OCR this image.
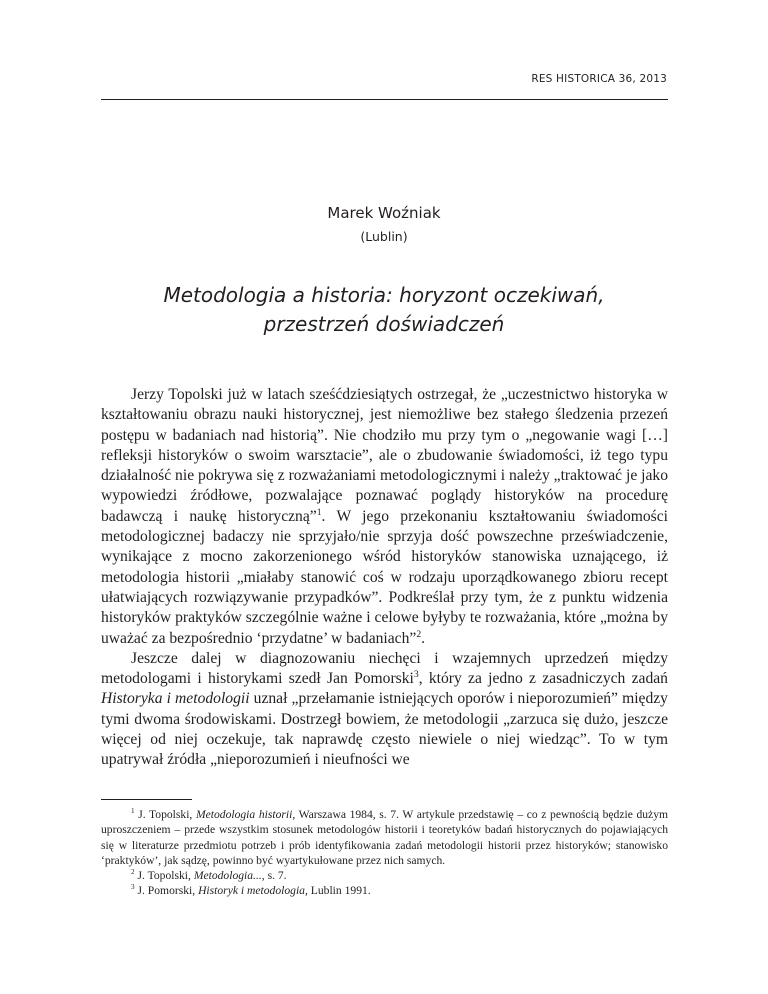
RES HISTORICA 36, 2013
Marek Woźniak
(Lublin)
Metodologia a historia: horyzont oczekiwań,
przestrzeń doświadczeń

Jerzy Topolski już w latach sześćdziesiątych ostrzegał, że „uczestnictwo historyka w kształtowaniu obrazu nauki historycznej, jest niemożliwe bez stałego śledzenia przezeń postępu w badaniach nad historią”. Nie chodziło mu przy tym o „negowanie wagi […] refleksji historyków o swoim warsztacie”, ale o zbudowanie świadomości, iż tego typu działalność nie pokrywa się z rozważaniami metodologicznymi i należy „traktować je jako wypowiedzi źródłowe, pozwalające poznawać poglądy historyków na procedurę badawczą i naukę historyczną”$^1$. W jego przekonaniu kształtowaniu świadomości metodologicznej badaczy nie sprzyjało/nie sprzyja dość powszechne przeświadczenie, wynikające z mocno zakorzenionego wśród historyków stanowiska uznającego, iż metodologia historii „miałaby stanowić coś w rodzaju uporządkowanego zbioru recept ułatwiających rozwiązywanie przypadków”. Podkreślał przy tym, że z punktu widzenia historyków praktyków szczególnie ważne i celowe byłyby te rozważania, które „można by uważać za bezpośrednio ‘przydatne’ w badaniach”$^2$.

Jeszcze dalej w diagnozowaniu niechęci i wzajemnych uprzedzeń między metodologami i historykami szedł Jan Pomorski$^3$, który za jedno z zasadniczych zadań Historyka i metodologii uznał „przełamanie istniejących oporów i nieporozumień” między tymi dwoma środowiskami. Dostrzegł bowiem, że metodologii „zarzuca się dużo, jeszcze więcej od niej oczekuje, tak naprawdę często niewiele o niej wiedząc”. To w tym upatrywał źródła „nieporozumień i nieufności we

$^1$ J. Topolski, Metodologia historii, Warszawa 1984, s. 7. W artykule przedstawię – co z pewnością będzie dużym uproszczeniem – przede wszystkim stosunek metodologów historii i teoretyków badań historycznych do pojawiających się w literaturze przedmiotu potrzeb i prób identyfikowania zadań metodologii historii przez historyków; stanowisko ‘praktyków’, jak sądzę, powinno być wyartykułowane przez nich samych.

$^2$ J. Topolski, Metodologia..., s. 7.

$^3$ J. Pomorski, Historyk i metodologia, Lublin 1991.
